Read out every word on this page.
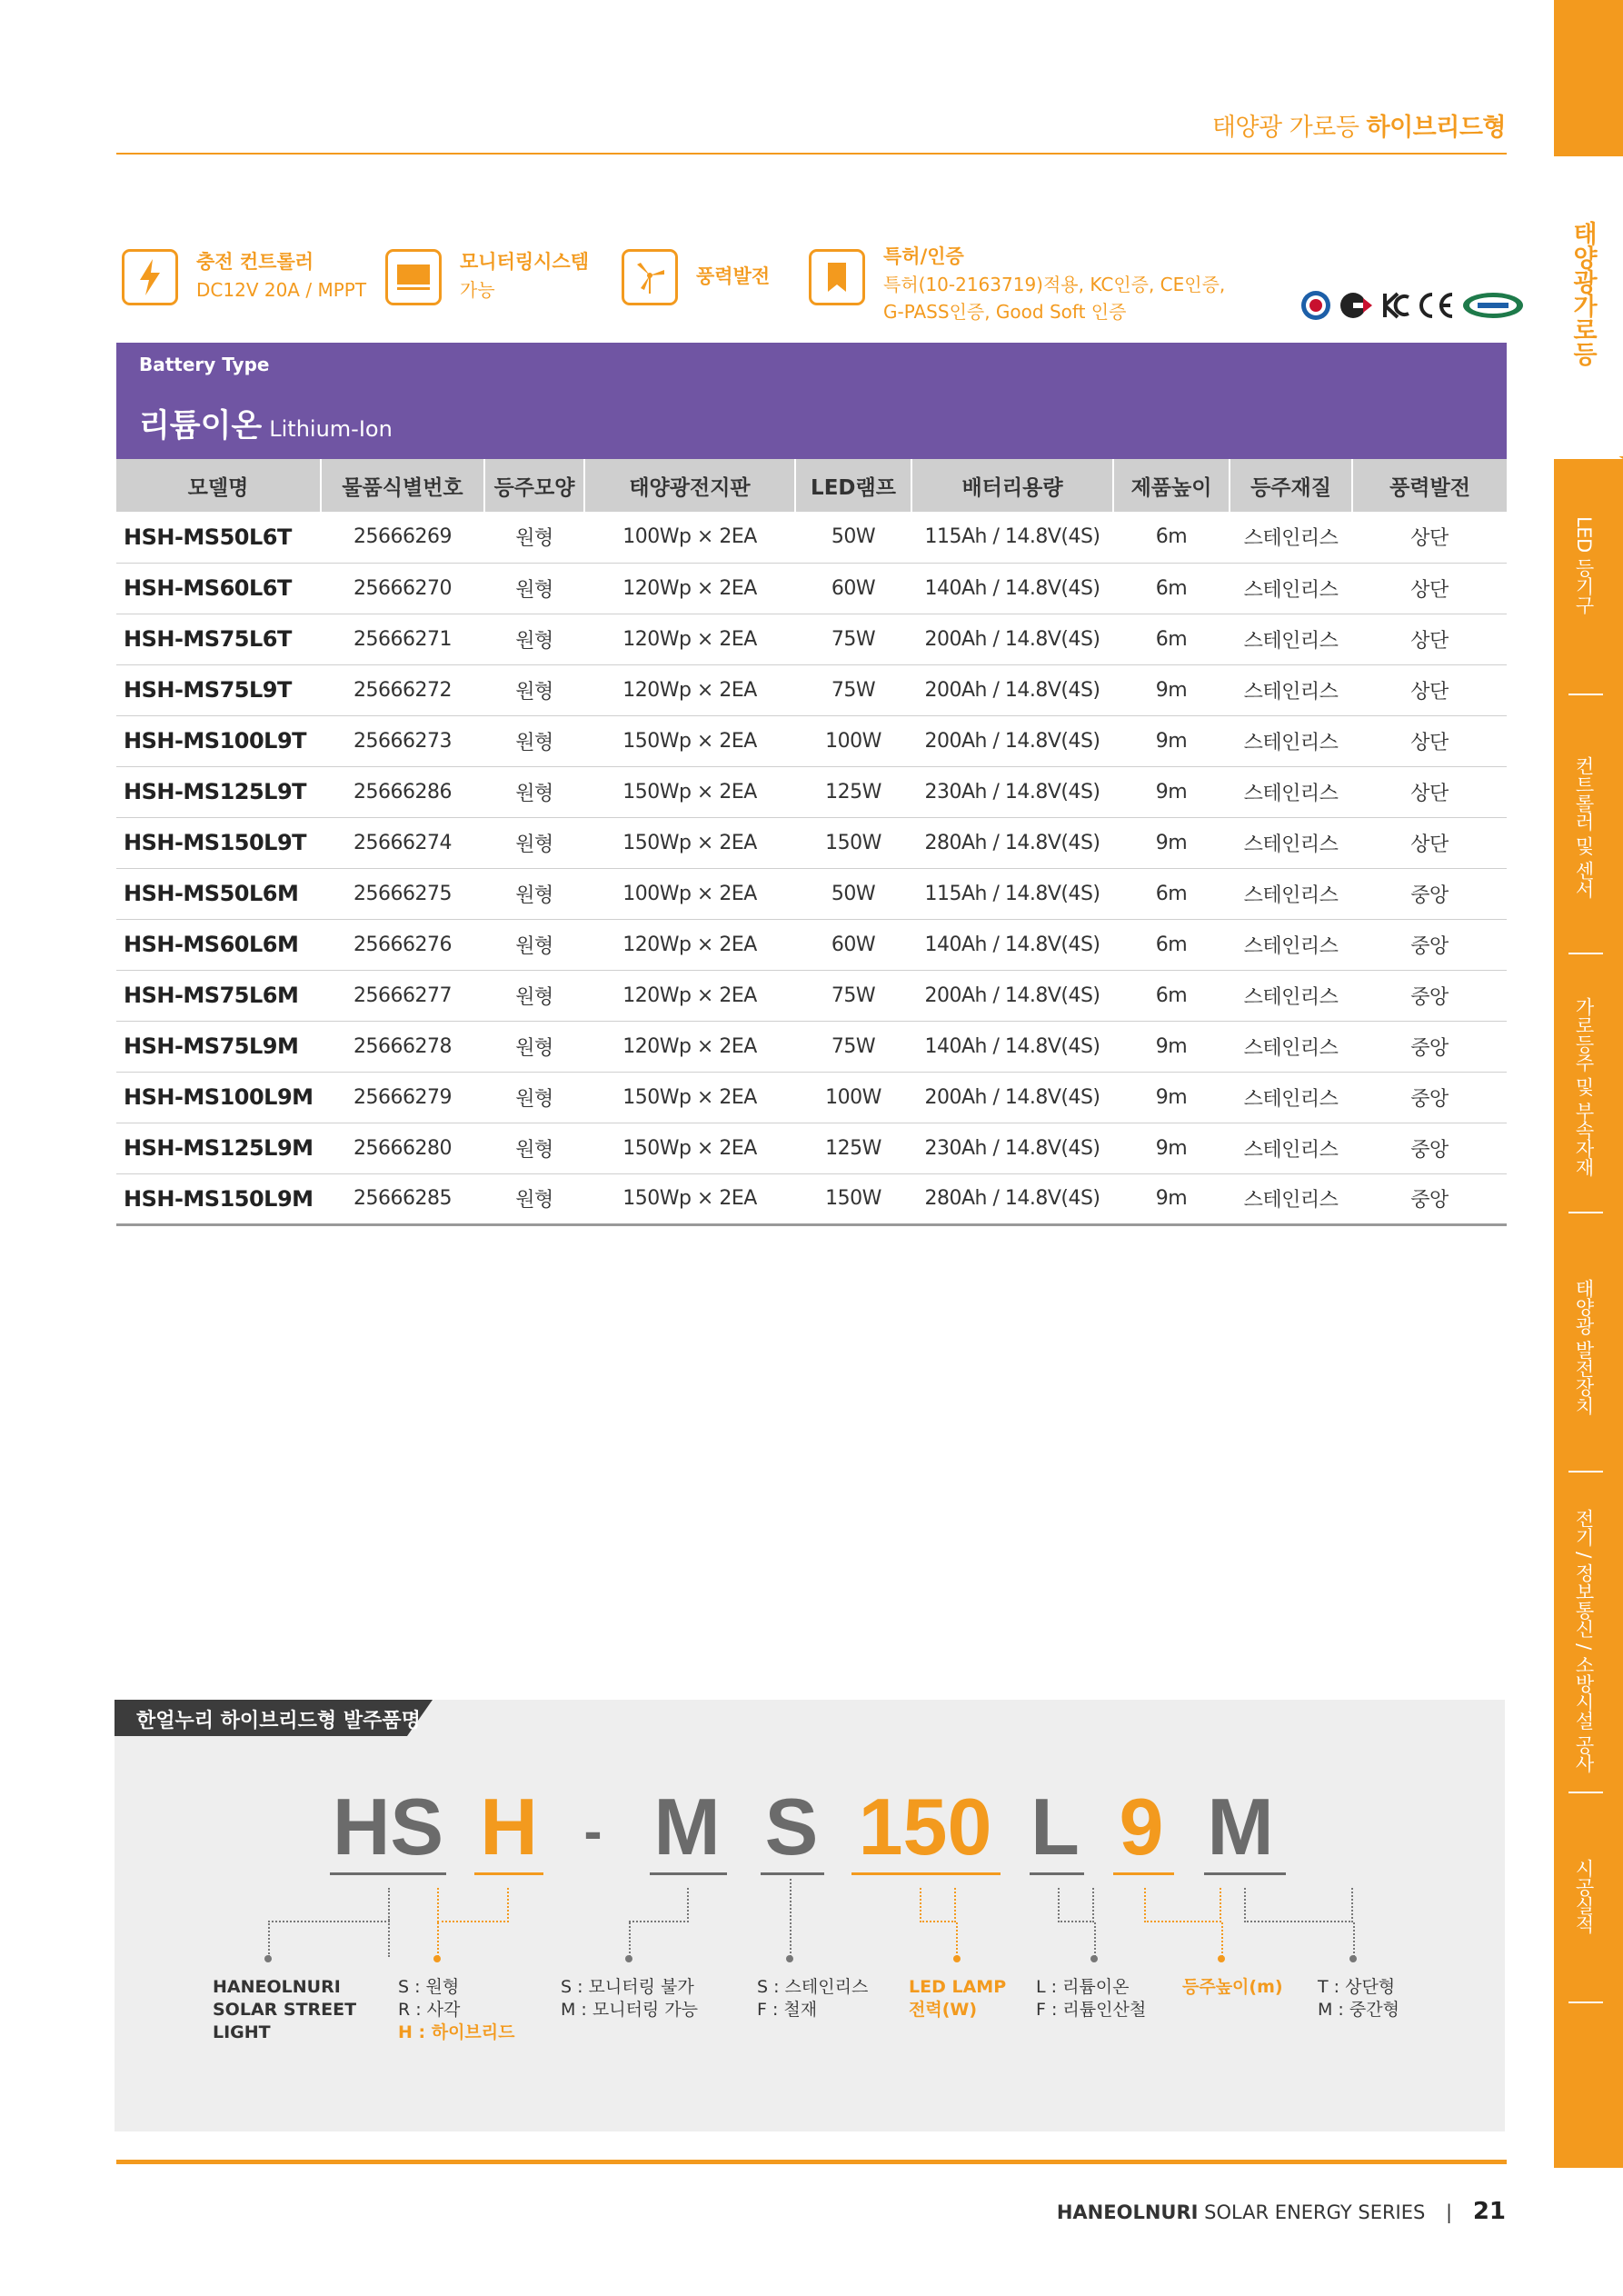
태양광 가로등 하이브리드형
태양광가로등
LED 등기구
컨트롤러 및 센서
가로등주 및 부속자재
태양광 발전장치
전기 / 정보통신 / 소방시설 공사
시공실적
충전 컨트롤러
DC12V 20A / MPPT
모니터링시스템
가능
풍력발전
특허/인증
특허(10-2163719)적용, KC인증, CE인증,
G-PASS인증, Good Soft 인증
Battery Type
리튬이온 Lithium-Ion
모델명	물품식별번호	등주모양	태양광전지판	LED램프	배터리용량	제품높이	등주재질	풍력발전
HSH-MS50L6T	25666269	원형	100Wp × 2EA	50W	115Ah / 14.8V(4S)	6m	스테인리스	상단
HSH-MS60L6T	25666270	원형	120Wp × 2EA	60W	140Ah / 14.8V(4S)	6m	스테인리스	상단
HSH-MS75L6T	25666271	원형	120Wp × 2EA	75W	200Ah / 14.8V(4S)	6m	스테인리스	상단
HSH-MS75L9T	25666272	원형	120Wp × 2EA	75W	200Ah / 14.8V(4S)	9m	스테인리스	상단
HSH-MS100L9T	25666273	원형	150Wp × 2EA	100W	200Ah / 14.8V(4S)	9m	스테인리스	상단
HSH-MS125L9T	25666286	원형	150Wp × 2EA	125W	230Ah / 14.8V(4S)	9m	스테인리스	상단
HSH-MS150L9T	25666274	원형	150Wp × 2EA	150W	280Ah / 14.8V(4S)	9m	스테인리스	상단
HSH-MS50L6M	25666275	원형	100Wp × 2EA	50W	115Ah / 14.8V(4S)	6m	스테인리스	중앙
HSH-MS60L6M	25666276	원형	120Wp × 2EA	60W	140Ah / 14.8V(4S)	6m	스테인리스	중앙
HSH-MS75L6M	25666277	원형	120Wp × 2EA	75W	200Ah / 14.8V(4S)	6m	스테인리스	중앙
HSH-MS75L9M	25666278	원형	120Wp × 2EA	75W	140Ah / 14.8V(4S)	9m	스테인리스	중앙
HSH-MS100L9M	25666279	원형	150Wp × 2EA	100W	200Ah / 14.8V(4S)	9m	스테인리스	중앙
HSH-MS125L9M	25666280	원형	150Wp × 2EA	125W	230Ah / 14.8V(4S)	9m	스테인리스	중앙
HSH-MS150L9M	25666285	원형	150Wp × 2EA	150W	280Ah / 14.8V(4S)	9m	스테인리스	중앙
한얼누리 하이브리드형 발주품명
HS H - M S 150 L 9 M
HANEOLNURI
SOLAR STREET
LIGHT
S : 원형
R : 사각
H : 하이브리드
S : 모니터링 불가
M : 모니터링 가능
S : 스테인리스
F : 철재
LED LAMP
전력(W)
L : 리튬이온
F : 리튬인산철
등주높이(m) T : 상단형
M : 중간형
HANEOLNURI SOLAR ENERGY SERIES | 21
